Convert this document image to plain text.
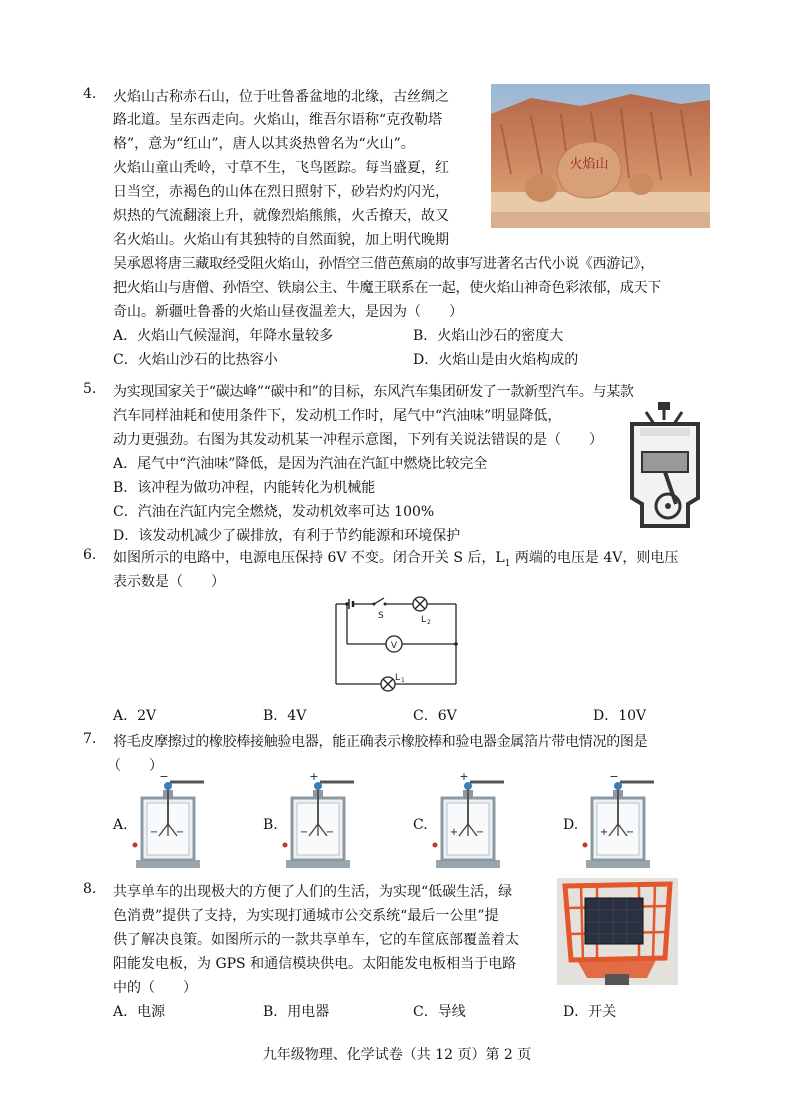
4. 火焰山古称赤石山，位于吐鲁番盆地的北缘，古丝绸之
路北道。呈东西走向。火焰山，维吾尔语称“克孜勒塔
格”，意为“红山”，唐人以其炎热曾名为“火山”。
火焰山童山秃岭，寸草不生，飞鸟匿踪。每当盛夏，红
日当空，赤褐色的山体在烈日照射下，砂岩灼灼闪光，
炽热的气流翻滚上升，就像烈焰熊熊，火舌撩天，故又
名火焰山。火焰山有其独特的自然面貌，加上明代晚期
吴承恩将唐三藏取经受阻火焰山，孙悟空三借芭蕉扇的故事写进著名古代小说《西游记》，
把火焰山与唐僧、孙悟空、铁扇公主、牛魔王联系在一起，使火焰山神奇色彩浓郁，成天下
奇山。新疆吐鲁番的火焰山昼夜温差大，是因为（　　）
A．火焰山气候湿润，年降水量较多	B．火焰山沙石的密度大
C．火焰山沙石的比热容小	D．火焰山是由火焰构成的
火焰山
5. 为实现国家关于“碳达峰”“碳中和”的目标，东风汽车集团研发了一款新型汽车。与某款
汽车同样油耗和使用条件下，发动机工作时，尾气中“汽油味”明显降低，
动力更强劲。右图为其发动机某一冲程示意图，下列有关说法错误的是（　　）
A．尾气中“汽油味”降低，是因为汽油在汽缸中燃烧比较完全
B．该冲程为做功冲程，内能转化为机械能
C．汽油在汽缸内完全燃烧，发动机效率可达 100%
D．该发动机减少了碳排放，有利于节约能源和环境保护
6. 如图所示的电路中，电源电压保持 6V 不变。闭合开关 S 后，$L_1$ 两端的电压是 4V，则电压
表示数是（　　）
S	L 2
V
L 1
A．2V	B．4V	C．6V	D．10V
7. 将毛皮摩擦过的橡胶棒接触验电器，能正确表示橡胶棒和验电器金属箔片带电情况的图是
（　　）
A.
−
− −	B.
+
− −	C.
+
+ −	D.
−
+ −
8. 共享单车的出现极大的方便了人们的生活，为实现“低碳生活，绿
色消费”提供了支持，为实现打通城市公交系统“最后一公里”提
供了解决良策。如图所示的一款共享单车，它的车筐底部覆盖着太
阳能发电板，为 GPS 和通信模块供电。太阳能发电板相当于电路
中的（　　）
A．电源	B．用电器	C．导线	D．开关
九年级物理、化学试卷（共 12 页）第 2 页
